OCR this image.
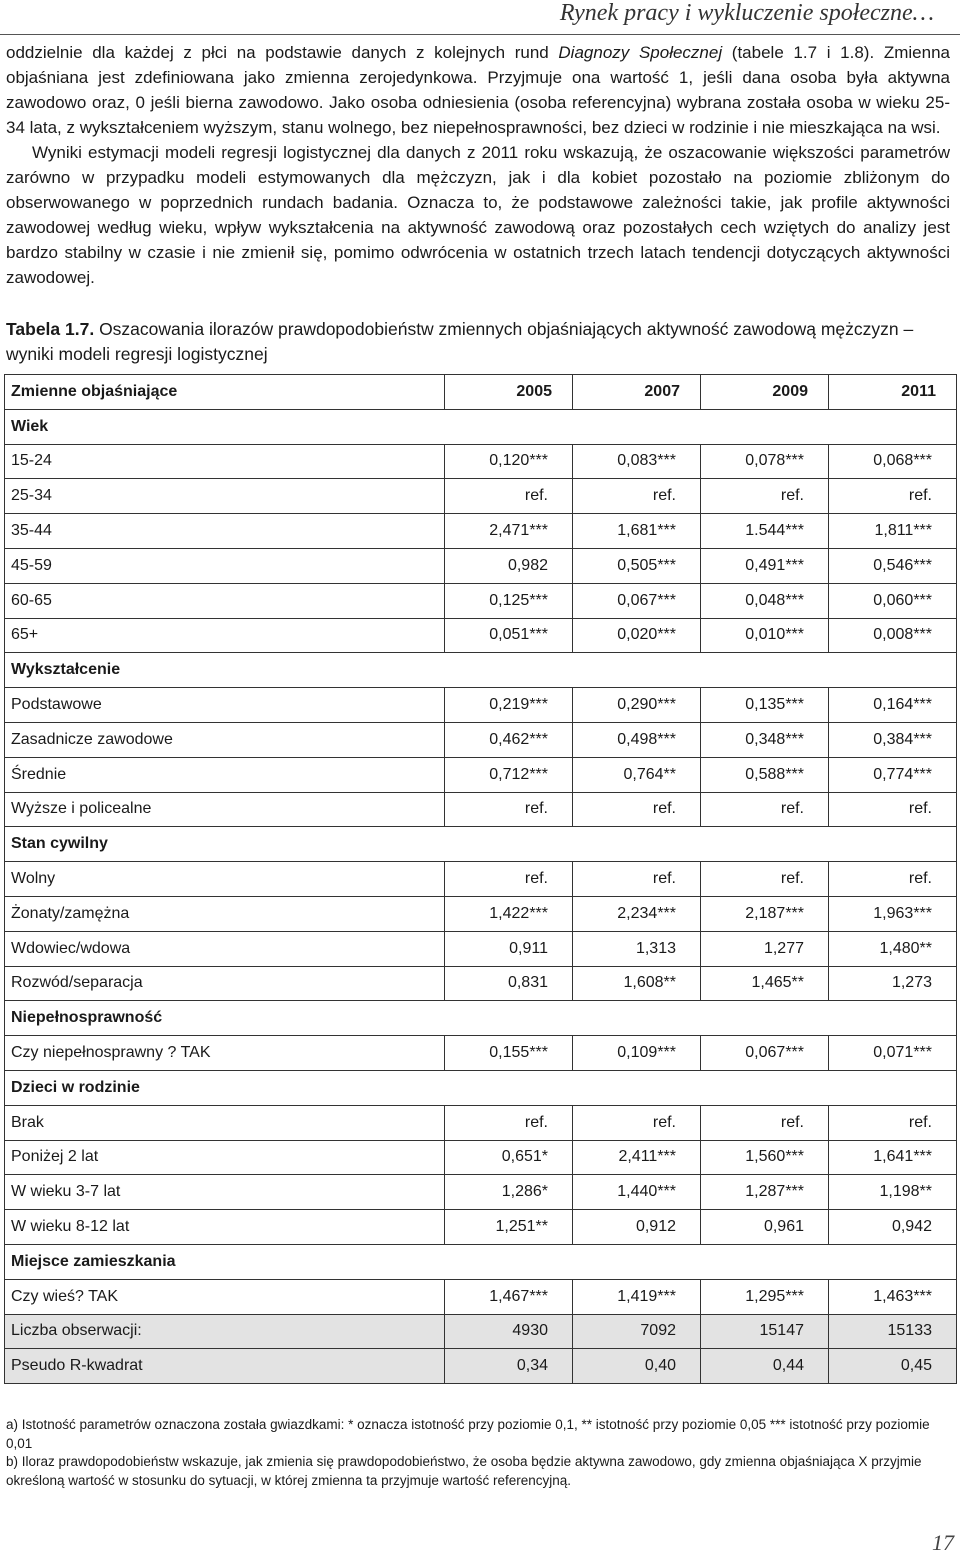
Rynek pracy i wykluczenie społeczne…

oddzielnie dla każdej z płci na podstawie danych z kolejnych rund Diagnozy Społecznej (tabele 1.7 i 1.8). Zmienna objaśniana jest zdefiniowana jako zmienna zerojedynkowa. Przyjmuje ona wartość 1, jeśli dana osoba była aktywna zawodowo oraz, 0 jeśli bierna zawodowo. Jako osoba odniesienia (osoba referencyjna) wybrana została osoba w wieku 25-34 lata, z wykształceniem wyższym, stanu wolnego, bez niepełnosprawności, bez dzieci w rodzinie i nie mieszkająca na wsi.

Wyniki estymacji modeli regresji logistycznej dla danych z 2011 roku wskazują, że oszacowanie większości parametrów zarówno w przypadku modeli estymowanych dla mężczyzn, jak i dla kobiet pozostało na poziomie zbliżonym do obserwowanego w poprzednich rundach badania. Oznacza to, że podstawowe zależności takie, jak profile aktywności zawodowej według wieku, wpływ wykształcenia na aktywność zawodową oraz pozostałych cech wziętych do analizy jest bardzo stabilny w czasie i nie zmienił się, pomimo odwrócenia w ostatnich trzech latach tendencji dotyczących aktywności zawodowej.

Tabela 1.7. Oszacowania ilorazów prawdopodobieństw zmiennych objaśniających aktywność zawodową mężczyzn – wyniki modeli regresji logistycznej
Zmienne objaśniające	2005	2007	2009	2011
Wiek				
15-24	0,120***	0,083***	0,078***	0,068***
25-34	ref.	ref.	ref.	ref.
35-44	2,471***	1,681***	1.544***	1,811***
45-59	0,982	0,505***	0,491***	0,546***
60-65	0,125***	0,067***	0,048***	0,060***
65+	0,051***	0,020***	0,010***	0,008***
Wykształcenie				
Podstawowe	0,219***	0,290***	0,135***	0,164***
Zasadnicze zawodowe	0,462***	0,498***	0,348***	0,384***
Średnie	0,712***	0,764**	0,588***	0,774***
Wyższe i policealne	ref.	ref.	ref.	ref.
Stan cywilny				
Wolny	ref.	ref.	ref.	ref.
Żonaty/zamężna	1,422***	2,234***	2,187***	1,963***
Wdowiec/wdowa	0,911	1,313	1,277	1,480**
Rozwód/separacja	0,831	1,608**	1,465**	1,273
Niepełnosprawność				
Czy niepełnosprawny ? TAK	0,155***	0,109***	0,067***	0,071***
Dzieci w rodzinie				
Brak	ref.	ref.	ref.	ref.
Poniżej 2 lat	0,651*	2,411***	1,560***	1,641***
W wieku 3-7 lat	1,286*	1,440***	1,287***	1,198**
W wieku 8-12 lat	1,251**	0,912	0,961	0,942
Miejsce zamieszkania				
Czy wieś? TAK	1,467***	1,419***	1,295***	1,463***
Liczba obserwacji:	4930	7092	15147	15133
Pseudo R-kwadrat	0,34	0,40	0,44	0,45

a) Istotność parametrów oznaczona została gwiazdkami: * oznacza istotność przy poziomie 0,1, ** istotność przy poziomie 0,05 *** istotność przy poziomie 0,01

b) Iloraz prawdopodobieństw wskazuje, jak zmienia się prawdopodobieństwo, że osoba będzie aktywna zawodowo, gdy zmienna objaśniająca X przyjmie określoną wartość w stosunku do sytuacji, w której zmienna ta przyjmuje wartość referencyjną.

17
